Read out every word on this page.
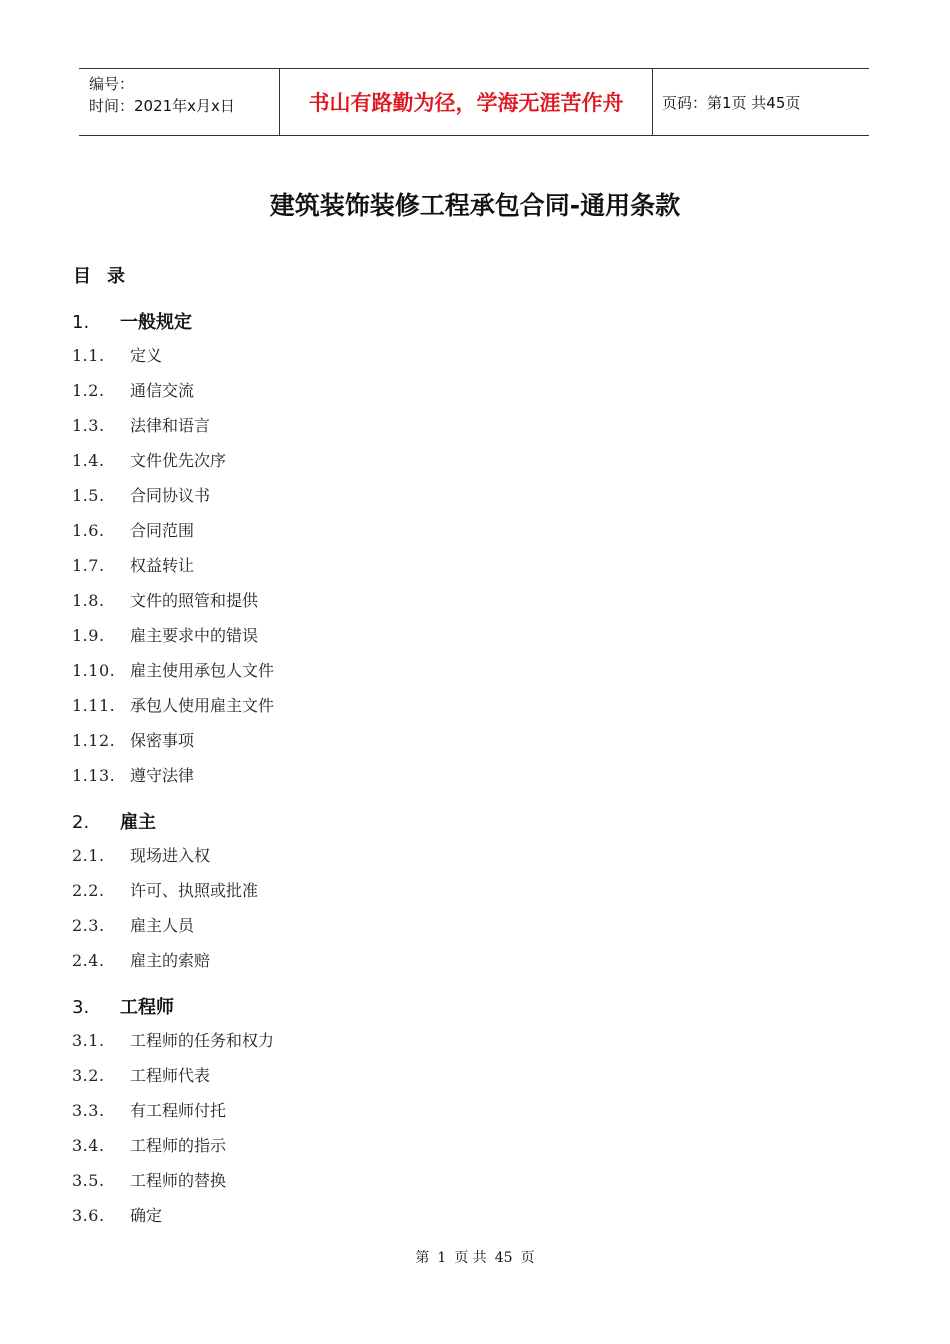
编号：
时间：2021年x月x日	书山有路勤为径，学海无涯苦作舟	页码：第1页 共45页
建筑装饰装修工程承包合同-通用条款
目录
1.	一般规定
1.1.	定义
1.2.	通信交流
1.3.	法律和语言
1.4.	文件优先次序
1.5.	合同协议书
1.6.	合同范围
1.7.	权益转让
1.8.	文件的照管和提供
1.9.	雇主要求中的错误
1.10. 雇主使用承包人文件
1.11. 承包人使用雇主文件
1.12. 保密事项
1.13. 遵守法律
2.	雇主
2.1.	现场进入权
2.2.	许可、执照或批准
2.3.	雇主人员
2.4.	雇主的索赔
3.	工程师
3.1.	工程师的任务和权力
3.2.	工程师代表
3.3.	有工程师付托
3.4.	工程师的指示
3.5.	工程师的替换
3.6.	确定
第 1 页 共 45 页
